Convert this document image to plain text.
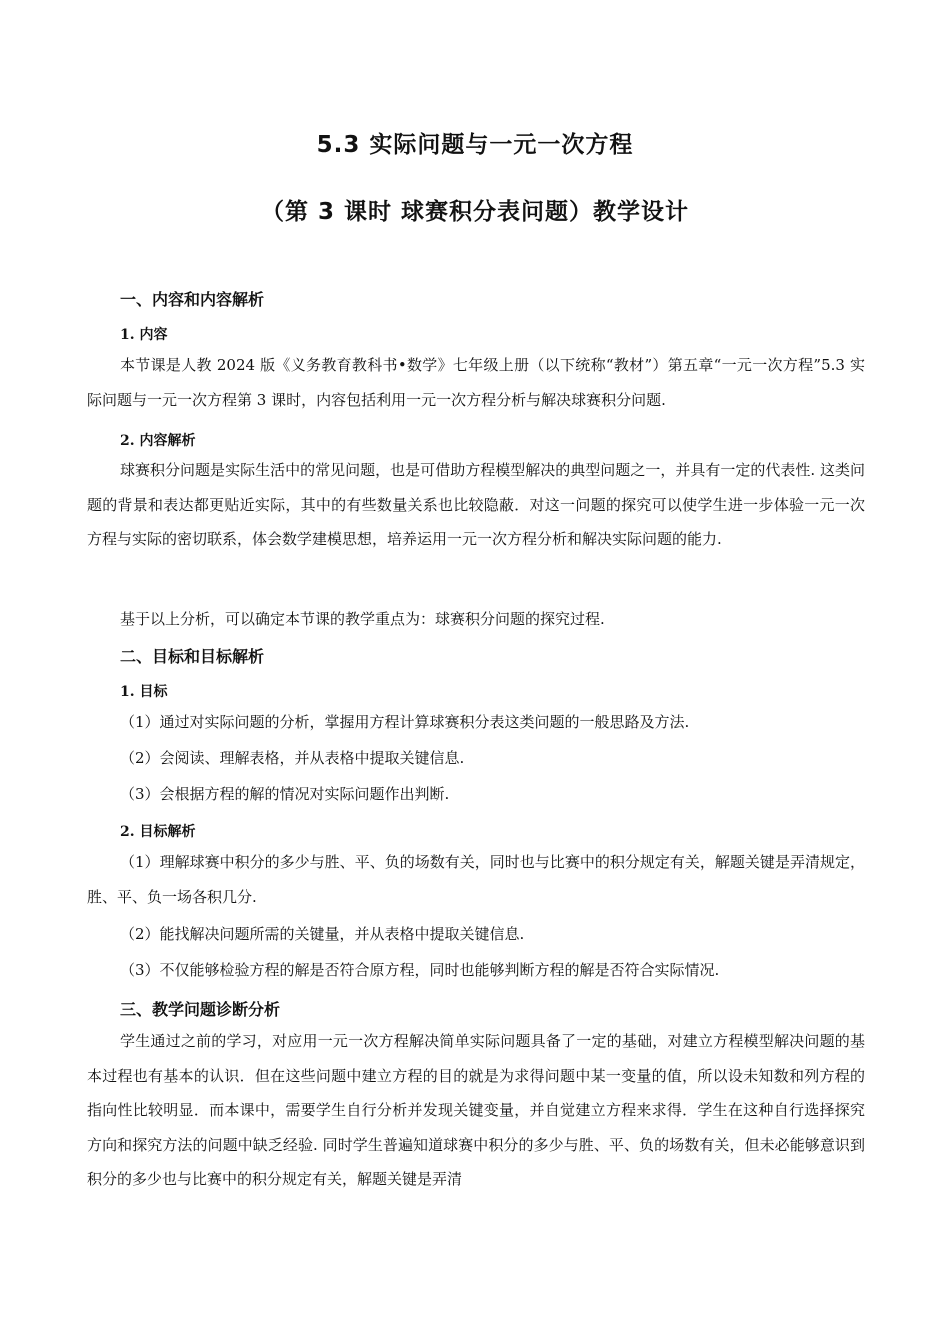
5.3 实际问题与一元一次方程
（第 3 课时 球赛积分表问题）教学设计
一、内容和内容解析
1. 内容

本节课是人教 2024 版《义务教育教科书•数学》七年级上册（以下统称“教材”）第五章“一元一次方程”5.3 实际问题与一元一次方程第 3 课时，内容包括利用一元一次方程分析与解决球赛积分问题.

2. 内容解析

球赛积分问题是实际生活中的常见问题，也是可借助方程模型解决的典型问题之一，并具有一定的代表性. 这类问题的背景和表达都更贴近实际，其中的有些数量关系也比较隐蔽．对这一问题的探究可以使学生进一步体验一元一次方程与实际的密切联系，体会数学建模思想，培养运用一元一次方程分析和解决实际问题的能力.

基于以上分析，可以确定本节课的教学重点为：球赛积分问题的探究过程.

二、目标和目标解析
1. 目标

（1）通过对实际问题的分析，掌握用方程计算球赛积分表这类问题的一般思路及方法.

（2）会阅读、理解表格，并从表格中提取关键信息.

（3）会根据方程的解的情况对实际问题作出判断.

2. 目标解析

（1）理解球赛中积分的多少与胜、平、负的场数有关，同时也与比赛中的积分规定有关，解题关键是弄清规定，胜、平、负一场各积几分.

（2）能找解决问题所需的关键量，并从表格中提取关键信息.

（3）不仅能够检验方程的解是否符合原方程，同时也能够判断方程的解是否符合实际情况.

三、教学问题诊断分析

学生通过之前的学习，对应用一元一次方程解决简单实际问题具备了一定的基础，对建立方程模型解决问题的基本过程也有基本的认识．但在这些问题中建立方程的目的就是为求得问题中某一变量的值，所以设未知数和列方程的指向性比较明显．而本课中，需要学生自行分析并发现关键变量，并自觉建立方程来求得．学生在这种自行选择探究方向和探究方法的问题中缺乏经验. 同时学生普遍知道球赛中积分的多少与胜、平、负的场数有关，但未必能够意识到积分的多少也与比赛中的积分规定有关，解题关键是弄清
